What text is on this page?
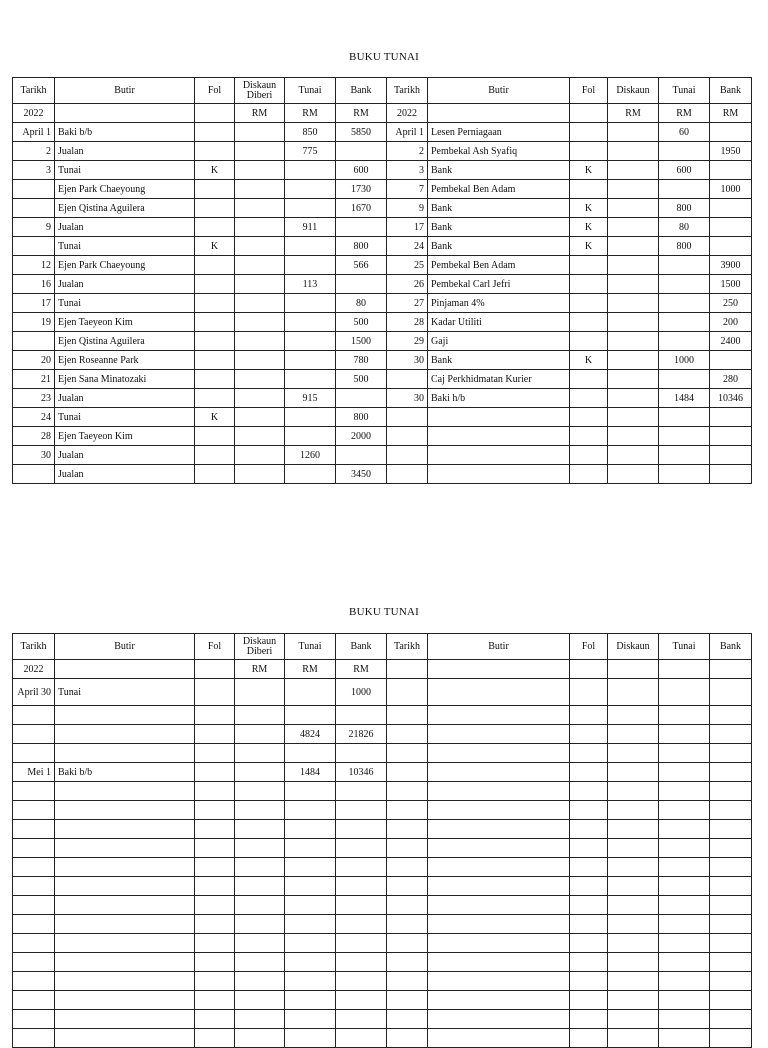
BUKU TUNAI
Tarikh	Butir	Fol	Diskaun Diberi	Tunai	Bank	Tarikh	Butir	Fol	Diskaun	Tunai	Bank
2022			RM	RM	RM	2022			RM	RM	RM
April 1	Baki b/b			850	5850	April 1	Lesen Perniagaan			60	
2	Jualan			775		2	Pembekal Ash Syafiq				1950
3	Tunai	K			600	3	Bank	K		600	
	Ejen Park Chaeyoung				1730	7	Pembekal Ben Adam				1000
	Ejen Qistina Aguilera				1670	9	Bank	K		800	
9	Jualan			911		17	Bank	K		80	
	Tunai	K			800	24	Bank	K		800	
12	Ejen Park Chaeyoung				566	25	Pembekal Ben Adam				3900
16	Jualan			113		26	Pembekal Carl Jefri				1500
17	Tunai				80	27	Pinjaman 4%				250
19	Ejen Taeyeon Kim				500	28	Kadar Utiliti				200
	Ejen Qistina Aguilera				1500	29	Gaji				2400
20	Ejen Roseanne Park				780	30	Bank	K		1000	
21	Ejen Sana Minatozaki				500		Caj Perkhidmatan Kurier				280
23	Jualan			915		30	Baki h/b			1484	10346
24	Tunai	K			800						
28	Ejen Taeyeon Kim				2000						
30	Jualan			1260							
	Jualan				3450						
BUKU TUNAI
Tarikh	Butir	Fol	Diskaun Diberi	Tunai	Bank	Tarikh	Butir	Fol	Diskaun	Tunai	Bank
2022			RM	RM	RM						
April 30	Tunai				1000						

				4824	21826						

Mei 1	Baki b/b			1484	10346						
